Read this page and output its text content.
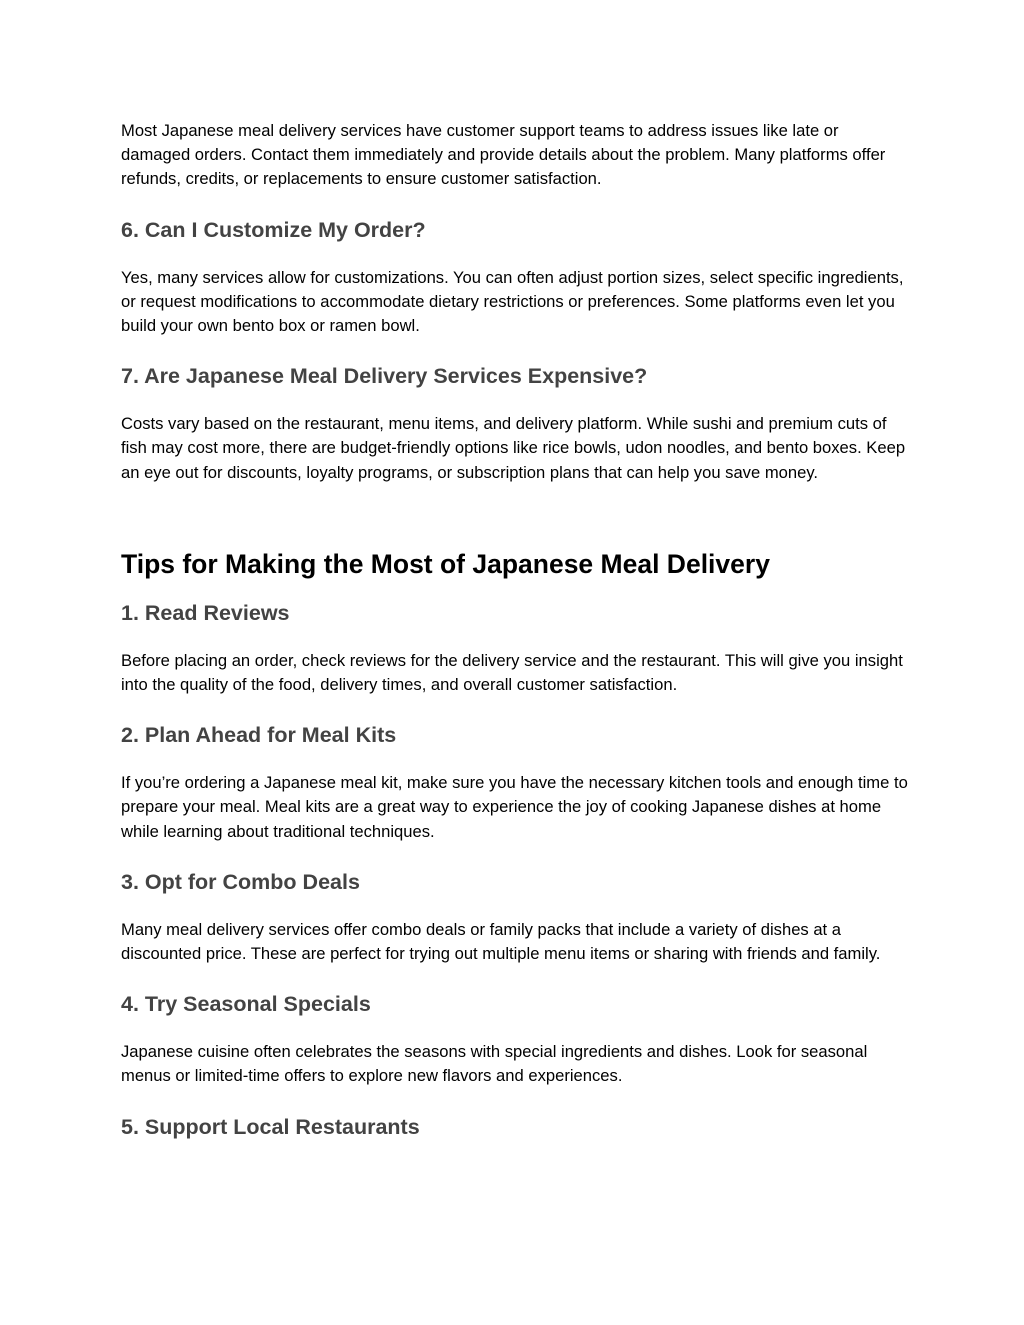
Most Japanese meal delivery services have customer support teams to address issues like late or damaged orders. Contact them immediately and provide details about the problem. Many platforms offer refunds, credits, or replacements to ensure customer satisfaction.

6. Can I Customize My Order?

Yes, many services allow for customizations. You can often adjust portion sizes, select specific ingredients, or request modifications to accommodate dietary restrictions or preferences. Some platforms even let you build your own bento box or ramen bowl.

7. Are Japanese Meal Delivery Services Expensive?

Costs vary based on the restaurant, menu items, and delivery platform. While sushi and premium cuts of fish may cost more, there are budget-friendly options like rice bowls, udon noodles, and bento boxes. Keep an eye out for discounts, loyalty programs, or subscription plans that can help you save money.

Tips for Making the Most of Japanese Meal Delivery
1. Read Reviews

Before placing an order, check reviews for the delivery service and the restaurant. This will give you insight into the quality of the food, delivery times, and overall customer satisfaction.

2. Plan Ahead for Meal Kits

If you’re ordering a Japanese meal kit, make sure you have the necessary kitchen tools and enough time to prepare your meal. Meal kits are a great way to experience the joy of cooking Japanese dishes at home while learning about traditional techniques.

3. Opt for Combo Deals

Many meal delivery services offer combo deals or family packs that include a variety of dishes at a discounted price. These are perfect for trying out multiple menu items or sharing with friends and family.

4. Try Seasonal Specials

Japanese cuisine often celebrates the seasons with special ingredients and dishes. Look for seasonal menus or limited-time offers to explore new flavors and experiences.

5. Support Local Restaurants
